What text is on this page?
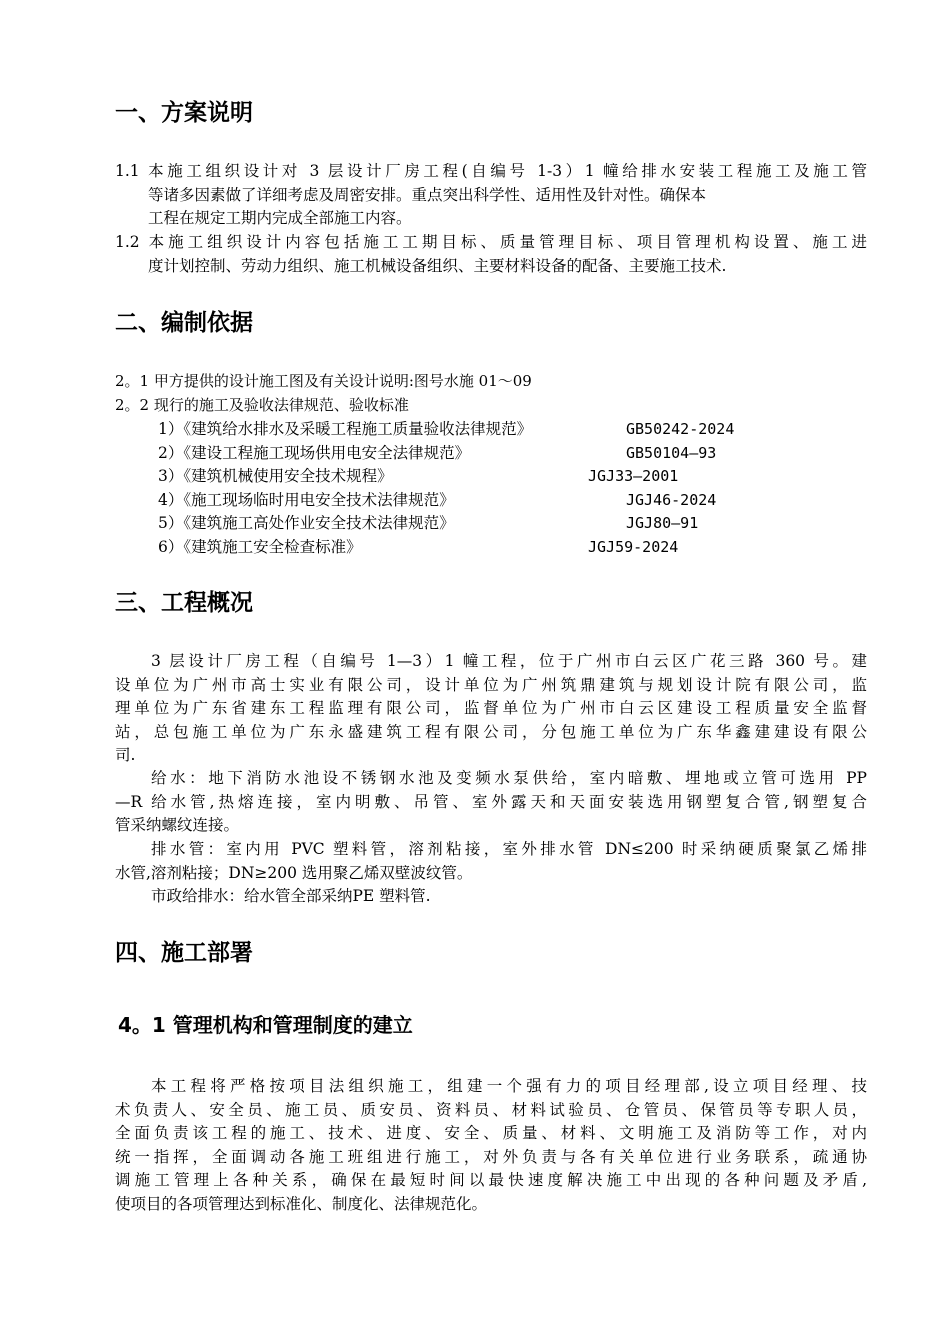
一、方案说明
1.1 本施工组织设计对 3 层设计厂房工程(自编号 1-3）1 幢给排水安装工程施工及施工管
等诸多因素做了详细考虑及周密安排。重点突出科学性、适用性及针对性。确保本
工程在规定工期内完成全部施工内容。
1.2 本施工组织设计内容包括施工工期目标、质量管理目标、项目管理机构设置、施工进
度计划控制、劳动力组织、施工机械设备组织、主要材料设备的配备、主要施工技术.
二、编制依据
2。1 甲方提供的设计施工图及有关设计说明:图号水施 01～09
2。2 现行的施工及验收法律规范、验收标准
1）《建筑给水排水及采暖工程施工质量验收法律规范》	GB50242-2024
2）《建设工程施工现场供用电安全法律规范》	GB50104—93
3）《建筑机械使用安全技术规程》	JGJ33—2001
4）《施工现场临时用电安全技术法律规范》	JGJ46-2024
5）《建筑施工高处作业安全技术法律规范》	JGJ80—91
6）《建筑施工安全检查标准》	JGJ59-2024
三、工程概况
3 层设计厂房工程（自编号 1—3）1 幢工程，位于广州市白云区广花三路 360 号。建
设单位为广州市高士实业有限公司，设计单位为广州筑鼎建筑与规划设计院有限公司，监
理单位为广东省建东工程监理有限公司，监督单位为广州市白云区建设工程质量安全监督
站，总包施工单位为广东永盛建筑工程有限公司，分包施工单位为广东华鑫建建设有限公
司.
给水：地下消防水池设不锈钢水池及变频水泵供给，室内暗敷、埋地或立管可选用 PP
—R 给水管,热熔连接，室内明敷、吊管、室外露天和天面安装选用钢塑复合管,钢塑复合
管采纳螺纹连接。
排水管：室内用 PVC 塑料管，溶剂粘接，室外排水管 DN≤200 时采纳硬质聚氯乙烯排
水管,溶剂粘接；DN≥200 选用聚乙烯双壁波纹管。
市政给排水：给水管全部采纳PE 塑料管.
四、施工部署
4。1 管理机构和管理制度的建立
本工程将严格按项目法组织施工，组建一个强有力的项目经理部,设立项目经理、技
术负责人、安全员、施工员、质安员、资料员、材料试验员、仓管员、保管员等专职人员，
全面负责该工程的施工、技术、进度、安全、质量、材料、文明施工及消防等工作，对内
统一指挥，全面调动各施工班组进行施工，对外负责与各有关单位进行业务联系，疏通协
调施工管理上各种关系，确保在最短时间以最快速度解决施工中出现的各种问题及矛盾,
使项目的各项管理达到标准化、制度化、法律规范化。
